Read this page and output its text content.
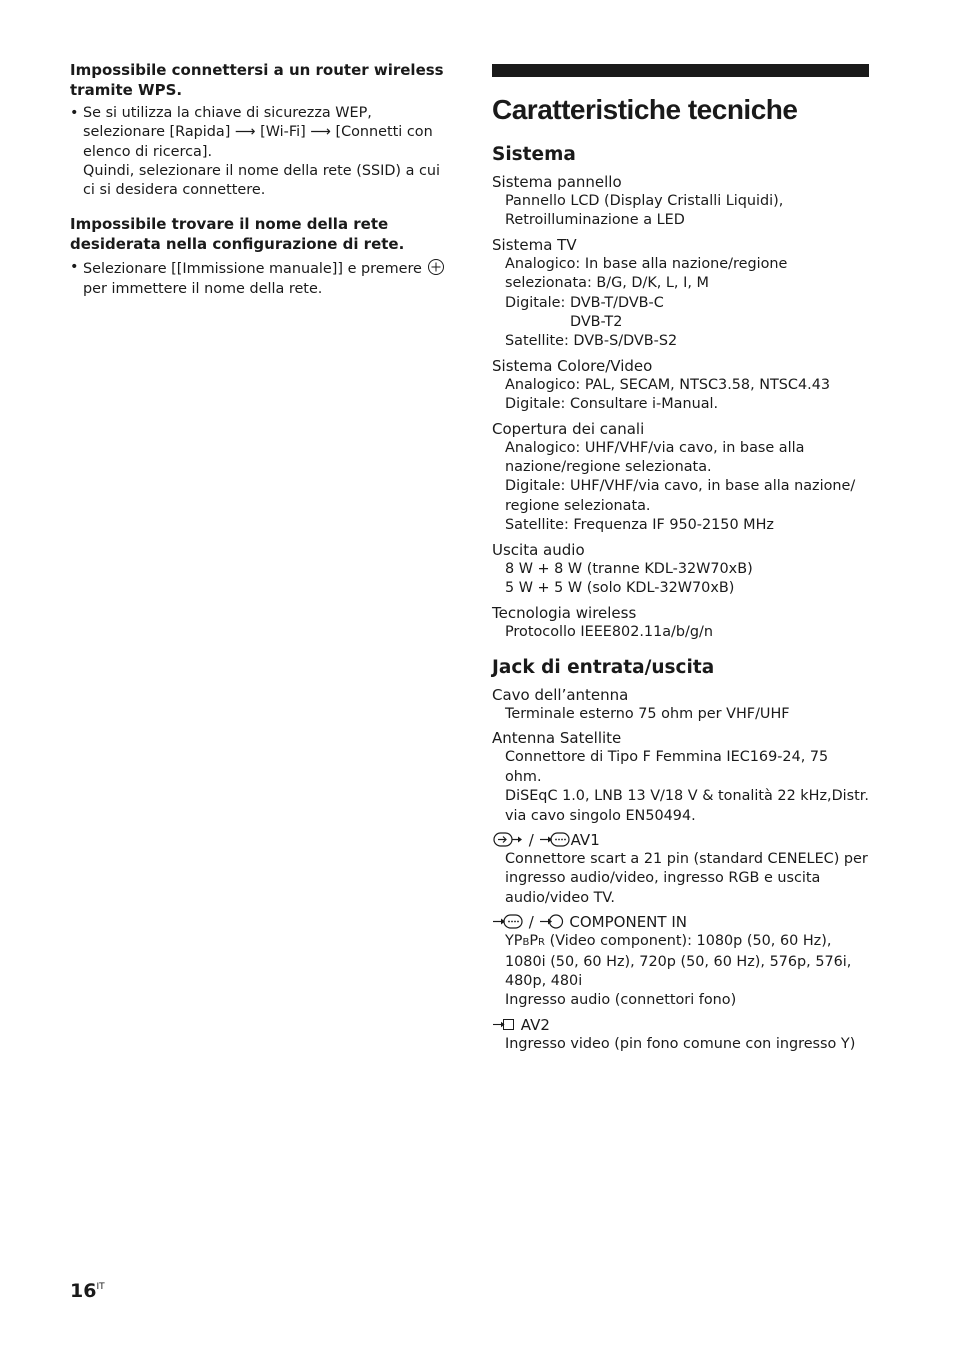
Impossibile connettersi a un router wireless
tramite WPS.
• Se si utilizza la chiave di sicurezza WEP,
selezionare [Rapida] ⟶ [Wi-Fi] ⟶ [Connetti con
elenco di ricerca].
Quindi, selezionare il nome della rete (SSID) a cui
ci si desidera connettere.
Impossibile trovare il nome della rete
desiderata nella configurazione di rete.
• Selezionare [[Immissione manuale]] e premere
per immettere il nome della rete.
Caratteristiche tecniche
Sistema
Sistema pannello
Pannello LCD (Display Cristalli Liquidi),
Retroilluminazione a LED
Sistema TV
Analogico: In base alla nazione/regione
selezionata: B/G, D/K, L, I, M
Digitale: DVB-T/DVB-C
DVB-T2
Satellite: DVB-S/DVB-S2
Sistema Colore/Video
Analogico: PAL, SECAM, NTSC3.58, NTSC4.43
Digitale: Consultare i-Manual.
Copertura dei canali
Analogico: UHF/VHF/via cavo, in base alla
nazione/regione selezionata.
Digitale: UHF/VHF/via cavo, in base alla nazione/
regione selezionata.
Satellite: Frequenza IF 950-2150 MHz
Uscita audio
8 W + 8 W (tranne KDL-32W70xB)
5 W + 5 W (solo KDL-32W70xB)
Tecnologia wireless
Protocollo IEEE802.11a/b/g/n
Jack di entrata/uscita
Cavo dell’antenna
Terminale esterno 75 ohm per VHF/UHF
Antenna Satellite
Connettore di Tipo F Femmina IEC169-24, 75 ohm.
DiSEqC 1.0, LNB 13 V/18 V & tonalità 22 kHz,Distr.
via cavo singolo EN50494.
/ AV1
Connettore scart a 21 pin (standard CENELEC) per
ingresso audio/video, ingresso RGB e uscita
audio/video TV.
/ COMPONENT IN
YPBPR (Video component): 1080p (50, 60 Hz),
1080i (50, 60 Hz), 720p (50, 60 Hz), 576p, 576i,
480p, 480i
Ingresso audio (connettori fono)
AV2
Ingresso video (pin fono comune con ingresso Y)
$16^{IT}$
